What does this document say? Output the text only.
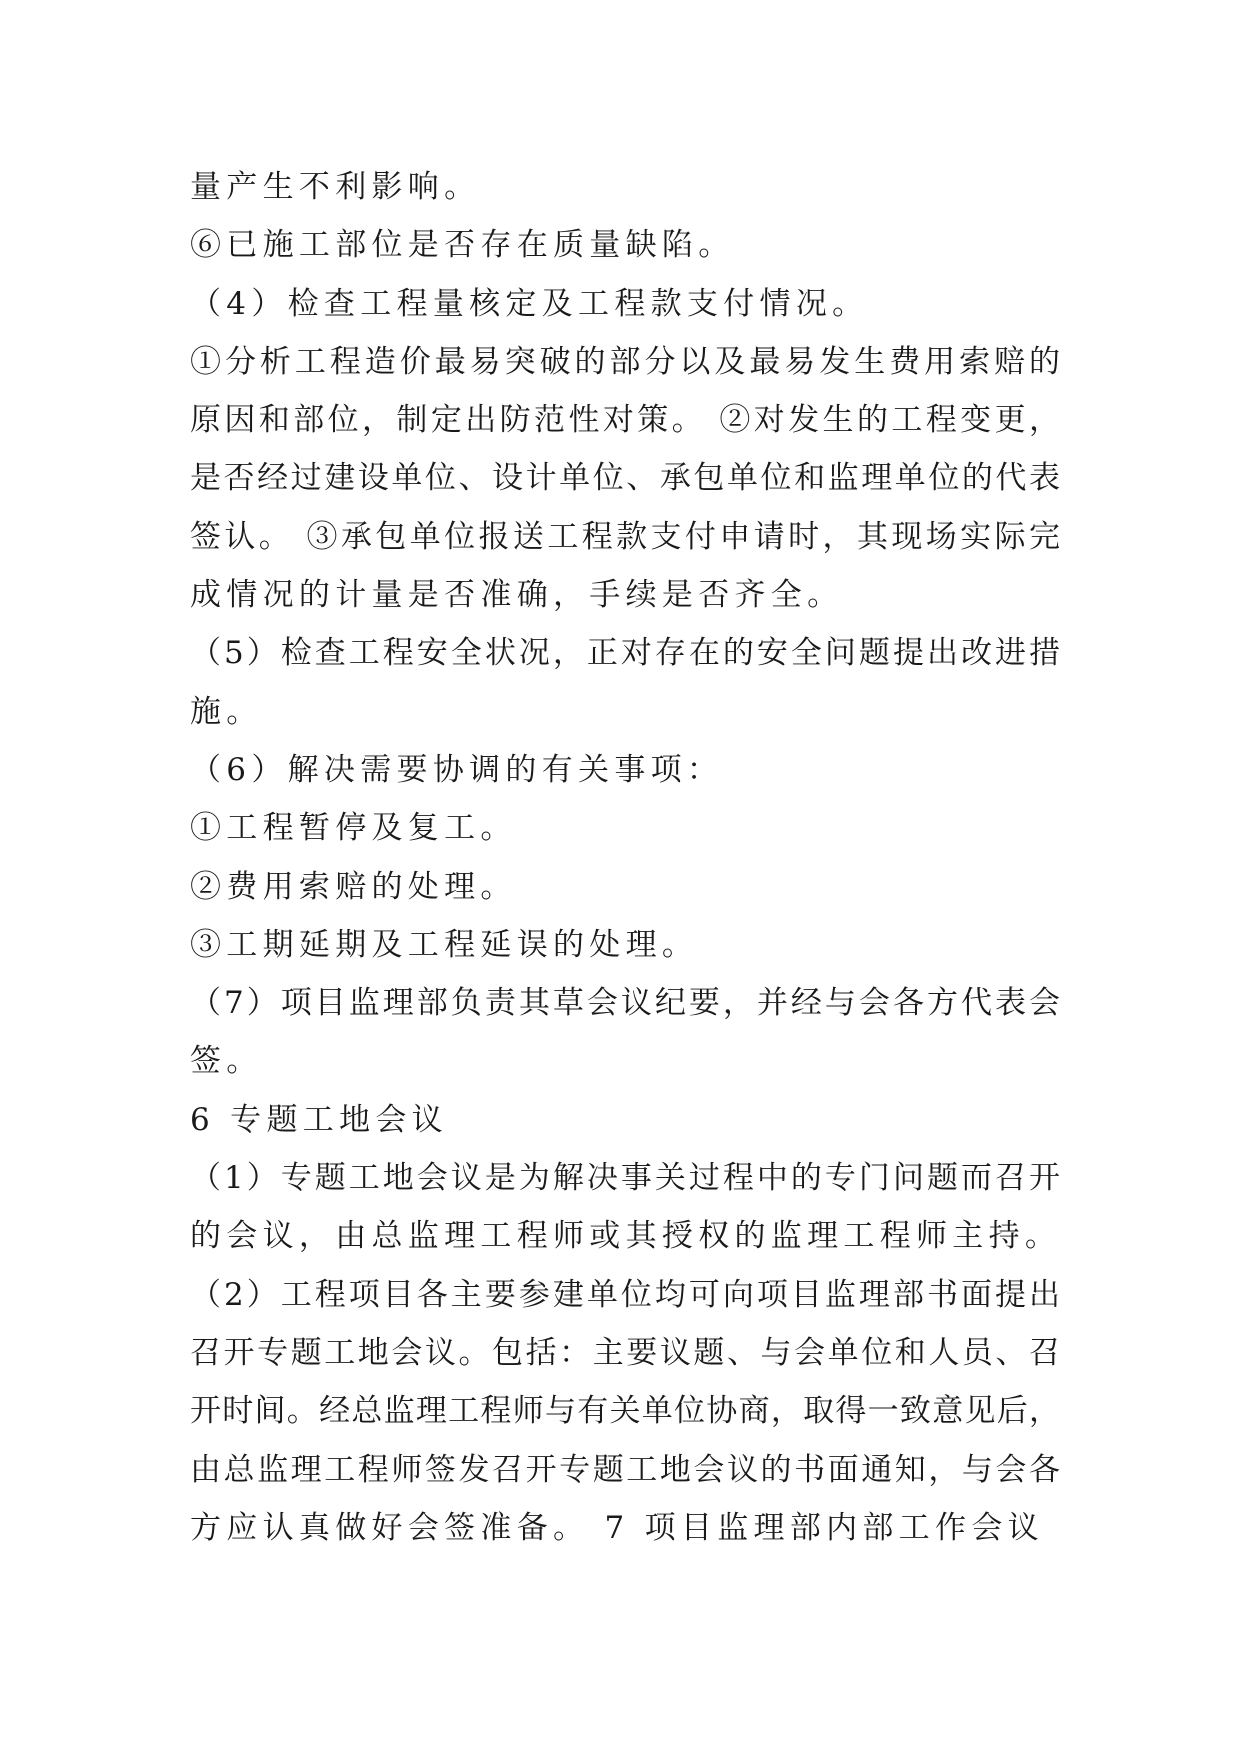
量产生不利影响。
⑥已施工部位是否存在质量缺陷。
（4）检查工程量核定及工程款支付情况。
①分析工程造价最易突破的部分以及最易发生费用索赔的
原因和部位，制定出防范性对策。 ②对发生的工程变更，
是否经过建设单位、设计单位、承包单位和监理单位的代表
签认。 ③承包单位报送工程款支付申请时，其现场实际完
成情况的计量是否准确，手续是否齐全。
（5）检查工程安全状况，正对存在的安全问题提出改进措
施。
（6）解决需要协调的有关事项：
①工程暂停及复工。
②费用索赔的处理。
③工期延期及工程延误的处理。
（7）项目监理部负责其草会议纪要，并经与会各方代表会
签。
6 专题工地会议
（1）专题工地会议是为解决事关过程中的专门问题而召开
的会议，由总监理工程师或其授权的监理工程师主持。
（2）工程项目各主要参建单位均可向项目监理部书面提出
召开专题工地会议。包括：主要议题、与会单位和人员、召
开时间。经总监理工程师与有关单位协商，取得一致意见后，
由总监理工程师签发召开专题工地会议的书面通知，与会各
方应认真做好会签准备。 7 项目监理部内部工作会议
